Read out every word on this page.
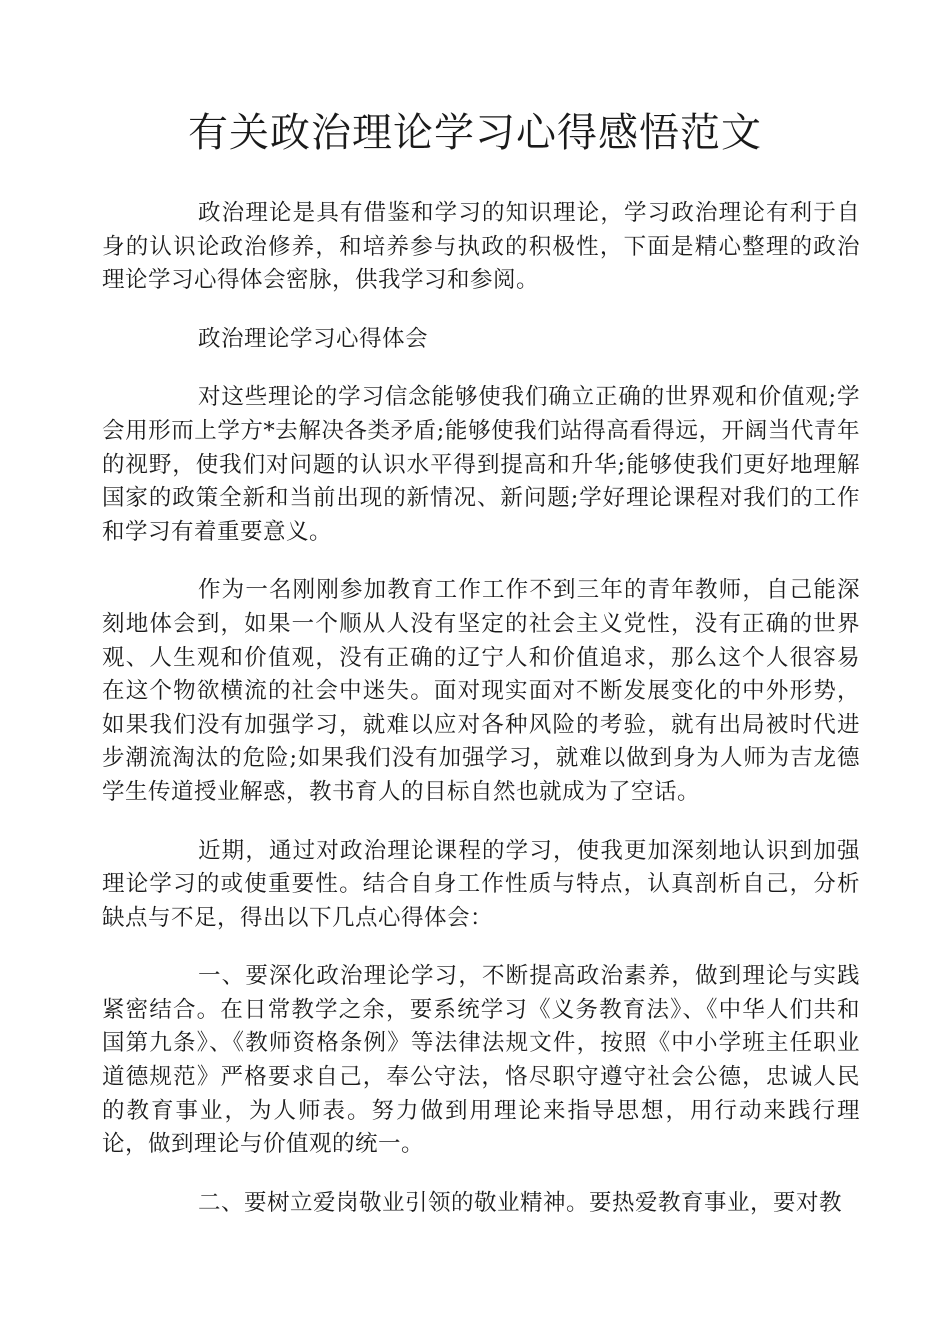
有关政治理论学习心得感悟范文

政治理论是具有借鉴和学习的知识理论，学习政治理论有利于自身的认识论政治修养，和培养参与执政的积极性，下面是精心整理的政治理论学习心得体会密脉，供我学习和参阅。

政治理论学习心得体会

对这些理论的学习信念能够使我们确立正确的世界观和价值观;学会用形而上学方*去解决各类矛盾;能够使我们站得高看得远，开阔当代青年的视野，使我们对问题的认识水平得到提高和升华;能够使我们更好地理解国家的政策全新和当前出现的新情况、新问题;学好理论课程对我们的工作和学习有着重要意义。

作为一名刚刚参加教育工作工作不到三年的青年教师，自己能深刻地体会到，如果一个顺从人没有坚定的社会主义党性，没有正确的世界观、人生观和价值观，没有正确的辽宁人和价值追求，那么这个人很容易在这个物欲横流的社会中迷失。面对现实面对不断发展变化的中外形势，如果我们没有加强学习，就难以应对各种风险的考验，就有出局被时代进步潮流淘汰的危险;如果我们没有加强学习，就难以做到身为人师为吉龙德学生传道授业解惑，教书育人的目标自然也就成为了空话。

近期，通过对政治理论课程的学习，使我更加深刻地认识到加强理论学习的或使重要性。结合自身工作性质与特点，认真剖析自己，分析缺点与不足，得出以下几点心得体会：

一、要深化政治理论学习，不断提高政治素养，做到理论与实践紧密结合。在日常教学之余，要系统学习《义务教育法》、《中华人们共和国第九条》、《教师资格条例》等法律法规文件，按照《中小学班主任职业道德规范》严格要求自己，奉公守法，恪尽职守遵守社会公德，忠诚人民的教育事业，为人师表。努力做到用理论来指导思想，用行动来践行理论，做到理论与价值观的统一。

二、要树立爱岗敬业引领的敬业精神。要热爱教育事业，要对教
